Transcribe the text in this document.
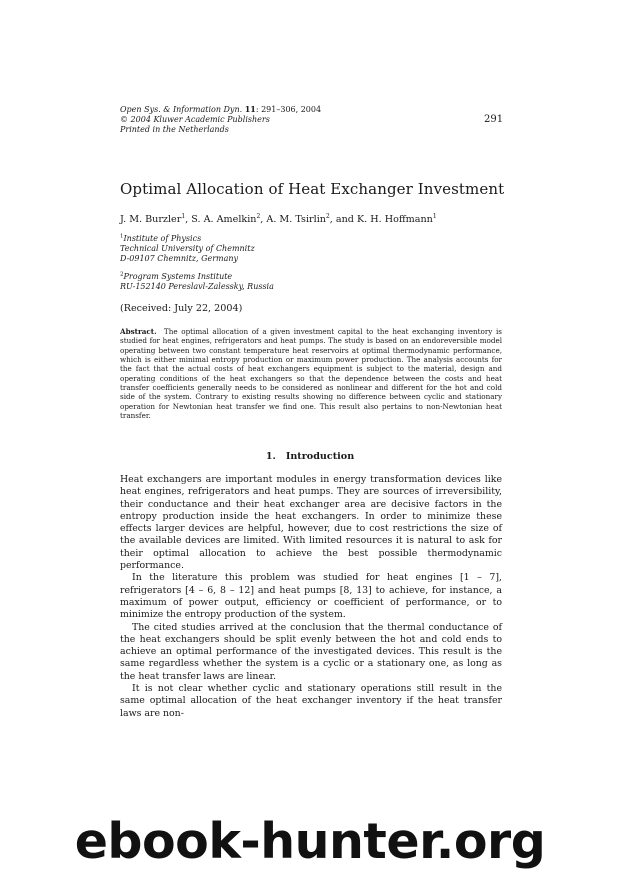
Open Sys. & Information Dyn. 11: 291–306, 2004
© 2004 Kluwer Academic Publishers
Printed in the Netherlands
291
Optimal Allocation of Heat Exchanger Investment
J. M. Burzler$^1$, S. A. Amelkin$^2$, A. M. Tsirlin$^2$, and K. H. Hoffmann$^1$
$^1$Institute of Physics
Technical University of Chemnitz
D-09107 Chemnitz, Germany
$^2$Program Systems Institute
RU-152140 Pereslavl-Zalessky, Russia
(Received: July 22, 2004)
Abstract. The optimal allocation of a given investment capital to the heat exchanging inventory is studied for heat engines, refrigerators and heat pumps. The study is based on an endoreversible model operating between two constant temperature heat reservoirs at optimal thermodynamic performance, which is either minimal entropy production or maximum power production. The analysis accounts for the fact that the actual costs of heat exchangers equipment is subject to the material, design and operating conditions of the heat exchangers so that the dependence between the costs and heat transfer coefficients generally needs to be considered as nonlinear and different for the hot and cold side of the system. Contrary to existing results showing no difference between cyclic and stationary operation for Newtonian heat transfer we find one. This result also pertains to non-Newtonian heat transfer.
1. Introduction

Heat exchangers are important modules in energy transformation devices like heat engines, refrigerators and heat pumps. They are sources of irreversibility, their conductance and their heat exchanger area are decisive factors in the entropy production inside the heat exchangers. In order to minimize these effects larger devices are helpful, however, due to cost restrictions the size of the available devices are limited. With limited resources it is natural to ask for their optimal allocation to achieve the best possible thermodynamic performance.

In the literature this problem was studied for heat engines [1 – 7], refrigerators [4 – 6, 8 – 12] and heat pumps [8, 13] to achieve, for instance, a maximum of power output, efficiency or coefficient of performance, or to minimize the entropy production of the system.

The cited studies arrived at the conclusion that the thermal conductance of the heat exchangers should be split evenly between the hot and cold ends to achieve an optimal performance of the investigated devices. This result is the same regardless whether the system is a cyclic or a stationary one, as long as the heat transfer laws are linear.

It is not clear whether cyclic and stationary operations still result in the same optimal allocation of the heat exchanger inventory if the heat transfer laws are non-

ebook-hunter.org
